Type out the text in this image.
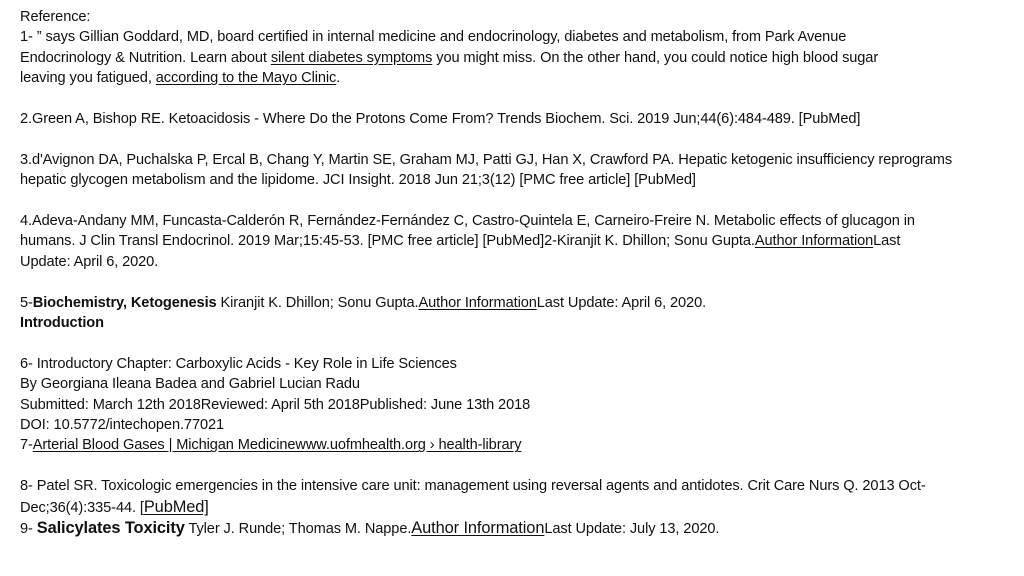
Reference:
1- ” says Gillian Goddard, MD, board certified in internal medicine and endocrinology, diabetes and metabolism, from Park Avenue
Endocrinology & Nutrition. Learn about silent diabetes symptoms you might miss. On the other hand, you could notice high blood sugar
leaving you fatigued, according to the Mayo Clinic.
2.Green A, Bishop RE. Ketoacidosis - Where Do the Protons Come From? Trends Biochem. Sci. 2019 Jun;44(6):484-489. [PubMed]
3.d'Avignon DA, Puchalska P, Ercal B, Chang Y, Martin SE, Graham MJ, Patti GJ, Han X, Crawford PA. Hepatic ketogenic insufficiency reprograms
hepatic glycogen metabolism and the lipidome. JCI Insight. 2018 Jun 21;3(12) [PMC free article] [PubMed]
4.Adeva-Andany MM, Funcasta-Calderón R, Fernández-Fernández C, Castro-Quintela E, Carneiro-Freire N. Metabolic effects of glucagon in
humans. J Clin Transl Endocrinol. 2019 Mar;15:45-53. [PMC free article] [PubMed]2-Kiranjit K. Dhillon; Sonu Gupta.Author InformationLast
Update: April 6, 2020.
5-Biochemistry, Ketogenesis Kiranjit K. Dhillon; Sonu Gupta.Author InformationLast Update: April 6, 2020.
Introduction
6- Introductory Chapter: Carboxylic Acids - Key Role in Life Sciences
By Georgiana Ileana Badea and Gabriel Lucian Radu
Submitted: March 12th 2018Reviewed: April 5th 2018Published: June 13th 2018
DOI: 10.5772/intechopen.77021
7-Arterial Blood Gases | Michigan Medicinewww.uofmhealth.org › health-library
8- Patel SR. Toxicologic emergencies in the intensive care unit: management using reversal agents and antidotes. Crit Care Nurs Q. 2013 Oct-
Dec;36(4):335-44. [PubMed]
9- Salicylates Toxicity Tyler J. Runde; Thomas M. Nappe.Author InformationLast Update: July 13, 2020.
